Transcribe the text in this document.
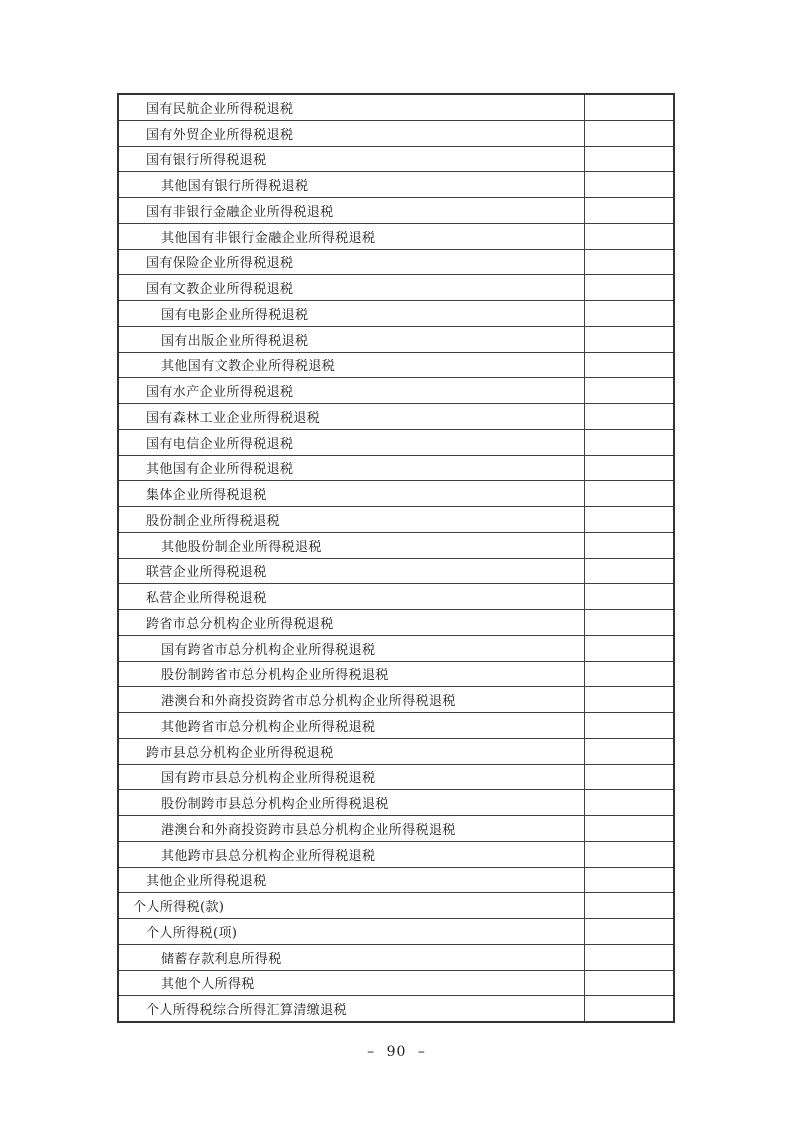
国有民航企业所得税退税	
国有外贸企业所得税退税	
国有银行所得税退税	
其他国有银行所得税退税	
国有非银行金融企业所得税退税	
其他国有非银行金融企业所得税退税	
国有保险企业所得税退税	
国有文教企业所得税退税	
国有电影企业所得税退税	
国有出版企业所得税退税	
其他国有文教企业所得税退税	
国有水产企业所得税退税	
国有森林工业企业所得税退税	
国有电信企业所得税退税	
其他国有企业所得税退税	
集体企业所得税退税	
股份制企业所得税退税	
其他股份制企业所得税退税	
联营企业所得税退税	
私营企业所得税退税	
跨省市总分机构企业所得税退税	
国有跨省市总分机构企业所得税退税	
股份制跨省市总分机构企业所得税退税	
港澳台和外商投资跨省市总分机构企业所得税退税	
其他跨省市总分机构企业所得税退税	
跨市县总分机构企业所得税退税	
国有跨市县总分机构企业所得税退税	
股份制跨市县总分机构企业所得税退税	
港澳台和外商投资跨市县总分机构企业所得税退税	
其他跨市县总分机构企业所得税退税	
其他企业所得税退税	
个人所得税(款)	
个人所得税(项)	
储蓄存款利息所得税	
其他个人所得税	
个人所得税综合所得汇算清缴退税	
– 90 –
